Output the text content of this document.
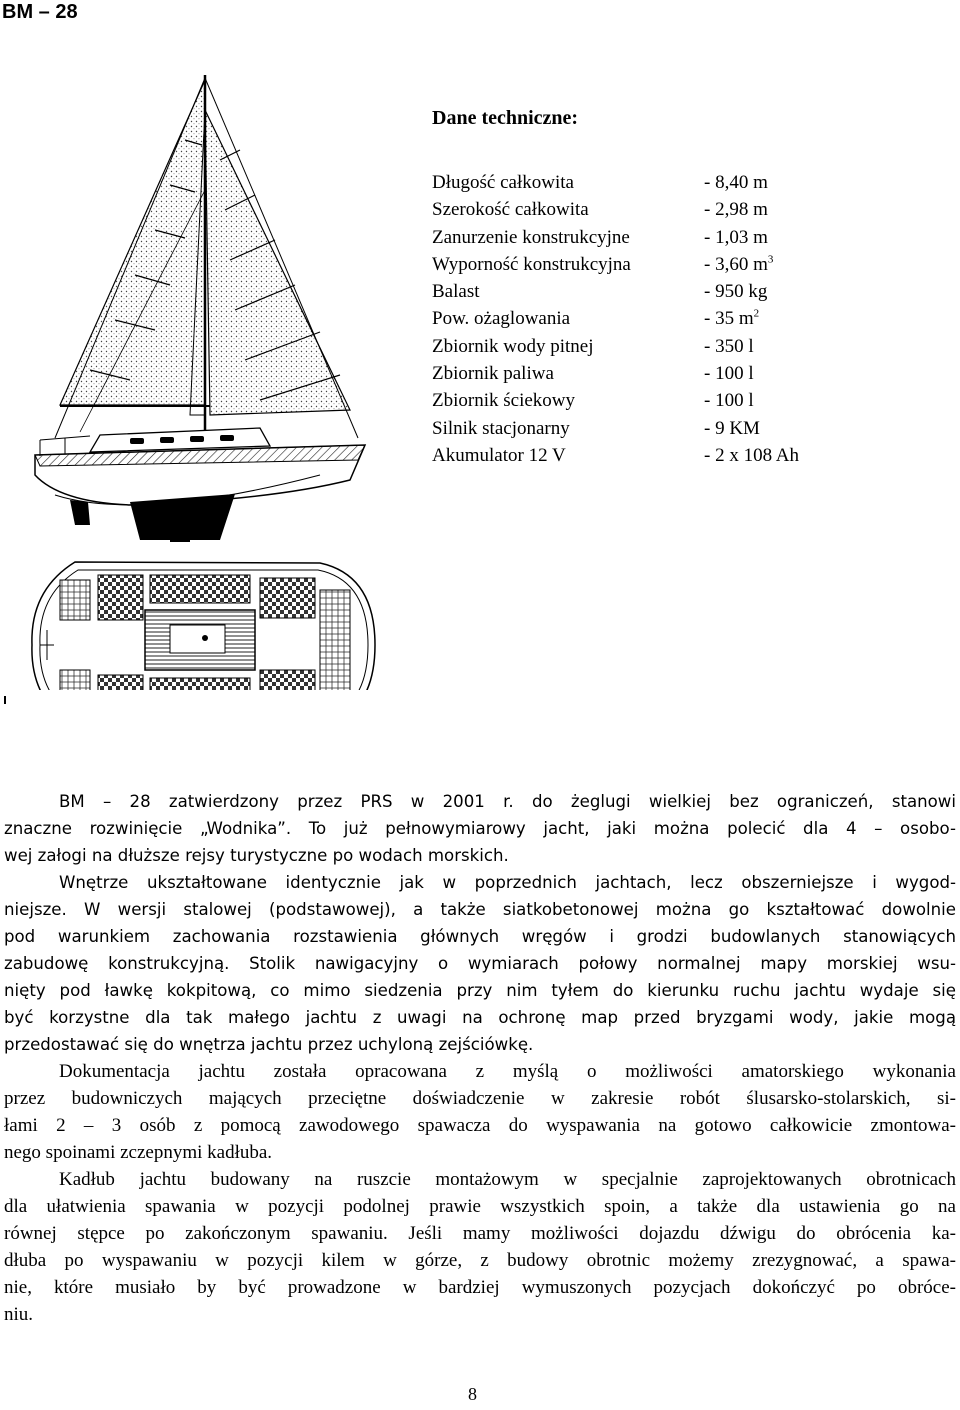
BM – 28
Dane techniczne:
Długość całkowita	- 8,40 m
Szerokość całkowita	- 2,98 m
Zanurzenie konstrukcyjne	- 1,03 m
Wyporność konstrukcyjna	- 3,60 $m^3$
Balast	- 950 kg
Pow. ożaglowania	- 35 $m^2$
Zbiornik wody pitnej	- 350 l
Zbiornik paliwa	- 100 l
Zbiornik ściekowy	- 100 l
Silnik stacjonarny	- 9 KM
Akumulator 12 V	- 2 x 108 Ah

BM – 28 zatwierdzony przez PRS w 2001 r. do żeglugi wielkiej bez ograniczeń, stanowi
znaczne rozwinięcie „Wodnika”. To już pełnowymiarowy jacht, jaki można polecić dla 4 – osobo-
wej załogi na dłuższe rejsy turystyczne po wodach morskich.

Wnętrze ukształtowane identycznie jak w poprzednich jachtach, lecz obszerniejsze i wygod-
niejsze. W wersji stalowej (podstawowej), a także siatkobetonowej można go kształtować dowolnie
pod warunkiem zachowania rozstawienia głównych wręgów i grodzi budowlanych stanowiących
zabudowę konstrukcyjną. Stolik nawigacyjny o wymiarach połowy normalnej mapy morskiej wsu-
nięty pod ławkę kokpitową, co mimo siedzenia przy nim tyłem do kierunku ruchu jachtu wydaje się
być korzystne dla tak małego jachtu z uwagi na ochronę map przed bryzgami wody, jakie mogą
przedostawać się do wnętrza jachtu przez uchyloną zejściówkę.

Dokumentacja jachtu została opracowana z myślą o możliwości amatorskiego wykonania
przez budowniczych mających przeciętne doświadczenie w zakresie robót ślusarsko-stolarskich, si-
łami 2 – 3 osób z pomocą zawodowego spawacza do wyspawania na gotowo całkowicie zmontowa-
nego spoinami zczepnymi kadłuba.

Kadłub jachtu budowany na ruszcie montażowym w specjalnie zaprojektowanych obrotnicach
dla ułatwienia spawania w pozycji podolnej prawie wszystkich spoin, a także dla ustawienia go na
równej stępce po zakończonym spawaniu. Jeśli mamy możliwości dojazdu dźwigu do obrócenia ka-
dłuba po wyspawaniu w pozycji kilem w górze, z budowy obrotnic możemy zrezygnować, a spawa-
nie, które musiało by być prowadzone w bardziej wymuszonych pozycjach dokończyć po obróce-
niu.

8
